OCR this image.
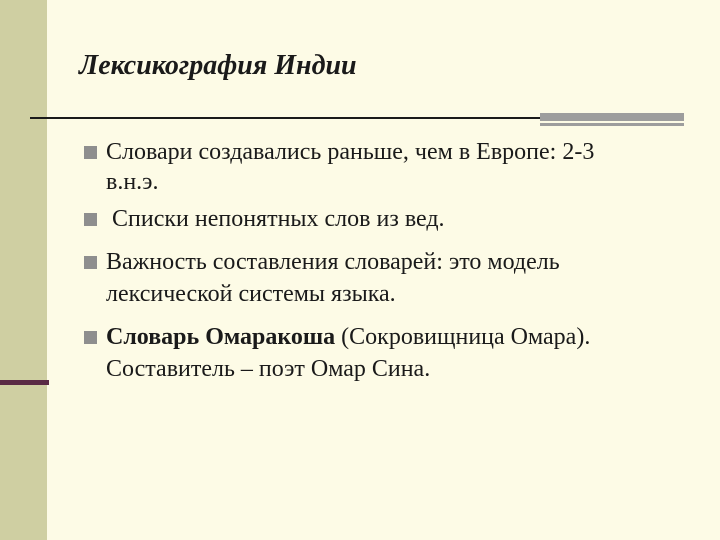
Лексикография Индии

Словари создавались раньше, чем в Европе: 2-3

в.н.э.

Списки непонятных слов из вед.

Важность составления словарей: это модель

лексической системы языка.

Словарь Омаракоша (Сокровищница Омара).

Составитель – поэт Омар Сина.
